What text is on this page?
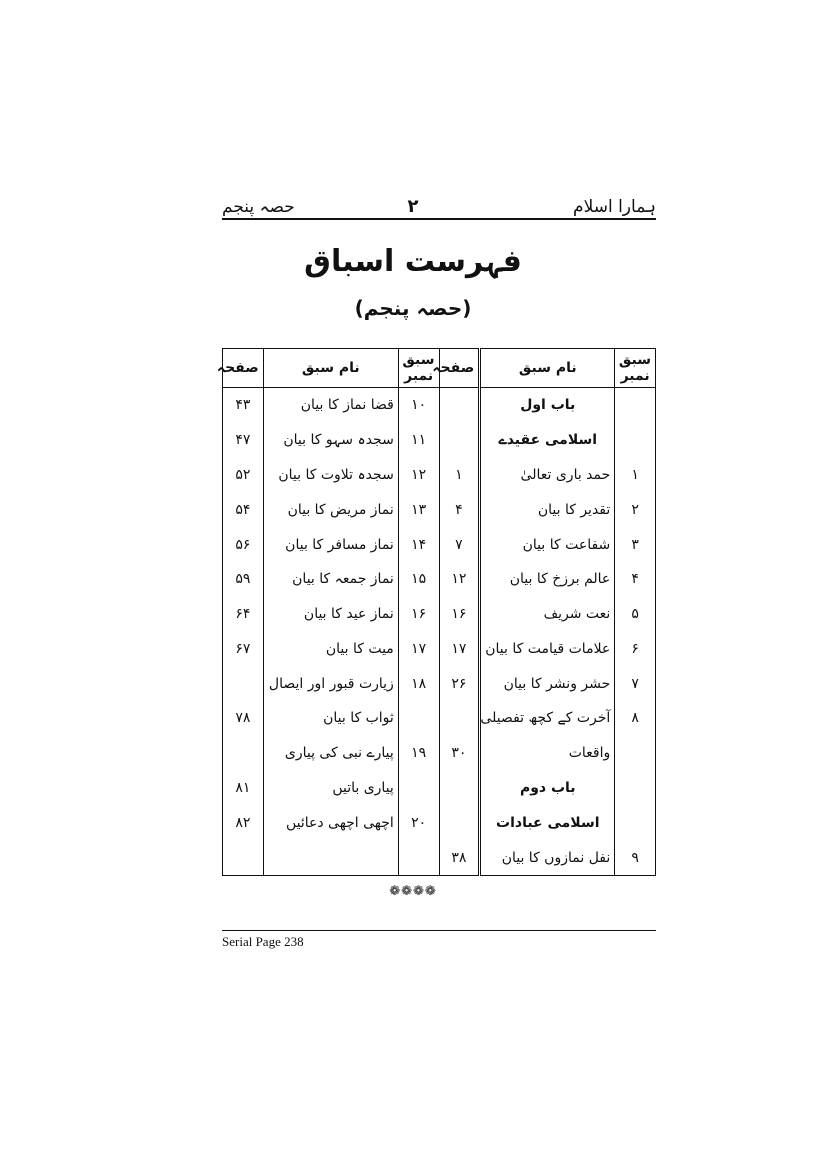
ہمارا اسلام
۲
حصہ پنجم
فہرست اسباق
(حصہ پنجم)
سبق نمبر	نام سبق	صفحہ	سبق نمبر	نام سبق	صفحہ
	باب اول		۱۰	قضا نماز کا بیان	۴۳
	اسلامی عقیدے		۱۱	سجدہ سہو کا بیان	۴۷
۱	حمد باری تعالیٰ	۱	۱۲	سجدہ تلاوت کا بیان	۵۲
۲	تقدیر کا بیان	۴	۱۳	نماز مریض کا بیان	۵۴
۳	شفاعت کا بیان	۷	۱۴	نماز مسافر کا بیان	۵۶
۴	عالم برزخ کا بیان	۱۲	۱۵	نماز جمعہ کا بیان	۵۹
۵	نعت شریف	۱۶	۱۶	نماز عید کا بیان	۶۴
۶	علامات قیامت کا بیان	۱۷	۱۷	میت کا بیان	۶۷
۷	حشر ونشر کا بیان	۲۶	۱۸	زیارت قبور اور ایصال	
۸	آخرت کے کچھ تفصیلی			ثواب کا بیان	۷۸
	واقعات	۳۰	۱۹	پیارے نبی کی پیاری	
	باب دوم			پیاری باتیں	۸۱
	اسلامی عبادات		۲۰	اچھی اچھی دعائیں	۸۲
۹	نفل نمازوں کا بیان	۳۸			
❁❁❁❁
Serial Page 238
